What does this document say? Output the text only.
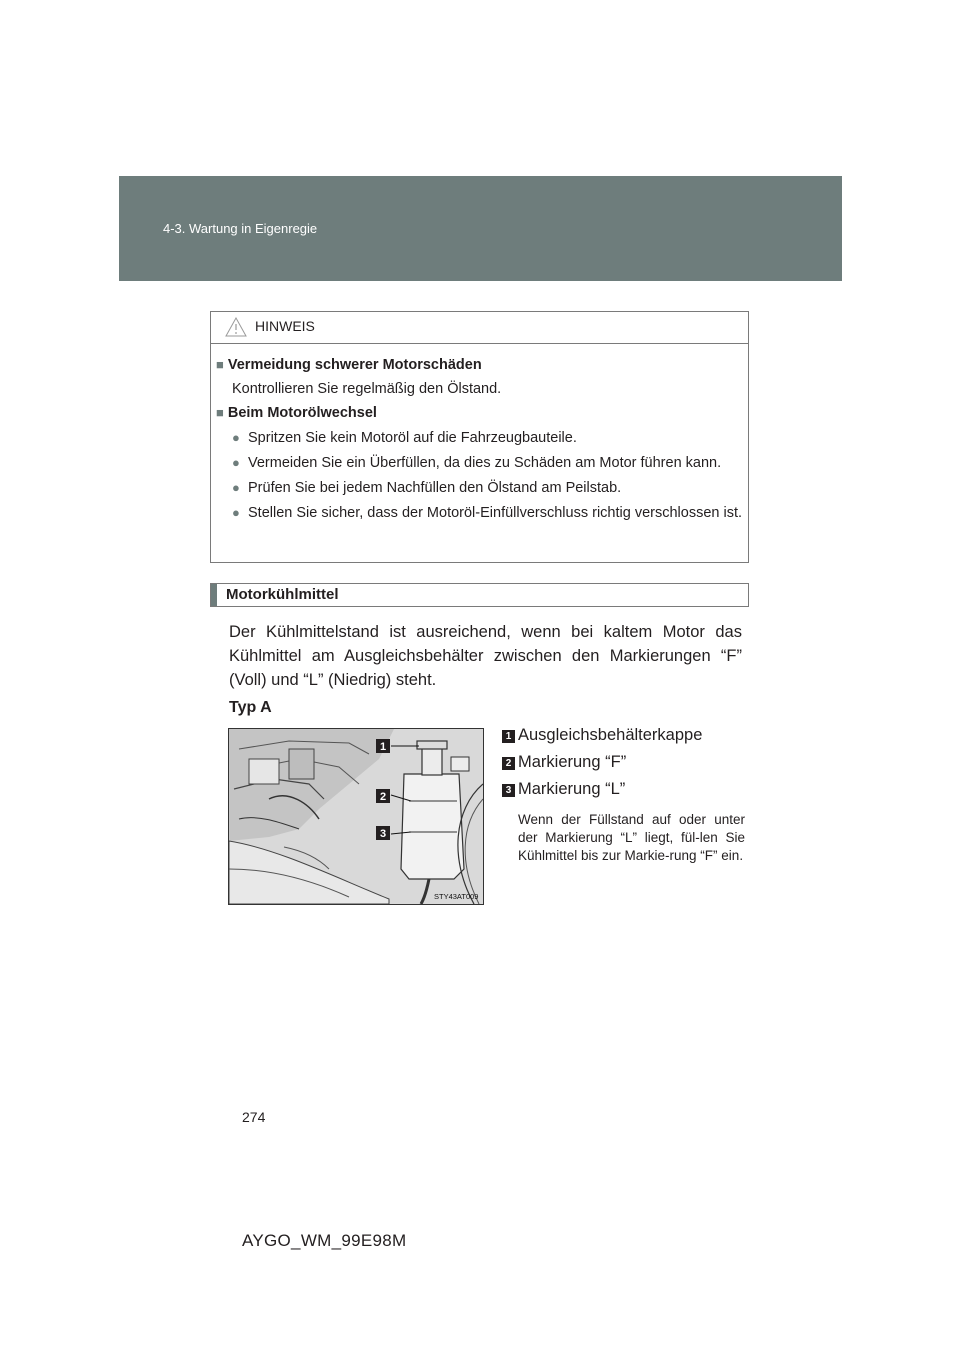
4-3. Wartung in Eigenregie
HINWEIS
■ Vermeidung schwerer Motorschäden
Kontrollieren Sie regelmäßig den Ölstand.
■ Beim Motorölwechsel
● Spritzen Sie kein Motoröl auf die Fahrzeugbauteile.
● Vermeiden Sie ein Überfüllen, da dies zu Schäden am Motor führen kann.
● Prüfen Sie bei jedem Nachfüllen den Ölstand am Peilstab.
● Stellen Sie sicher, dass der Motoröl-Einfüllverschluss richtig verschlossen ist.
Motorkühlmittel
Der Kühlmittelstand ist ausreichend, wenn bei kaltem Motor das Kühlmittel am Ausgleichsbehälter zwischen den Markierungen “F” (Voll) und “L” (Niedrig) steht.
Typ A
1
2
3
STY43AT009
1 Ausgleichsbehälterkappe
2 Markierung “F”
3 Markierung “L”
Wenn der Füllstand auf oder unter der Markierung “L” liegt, fül-len Sie Kühlmittel bis zur Markie-rung “F” ein.
274
AYGO_WM_99E98M
